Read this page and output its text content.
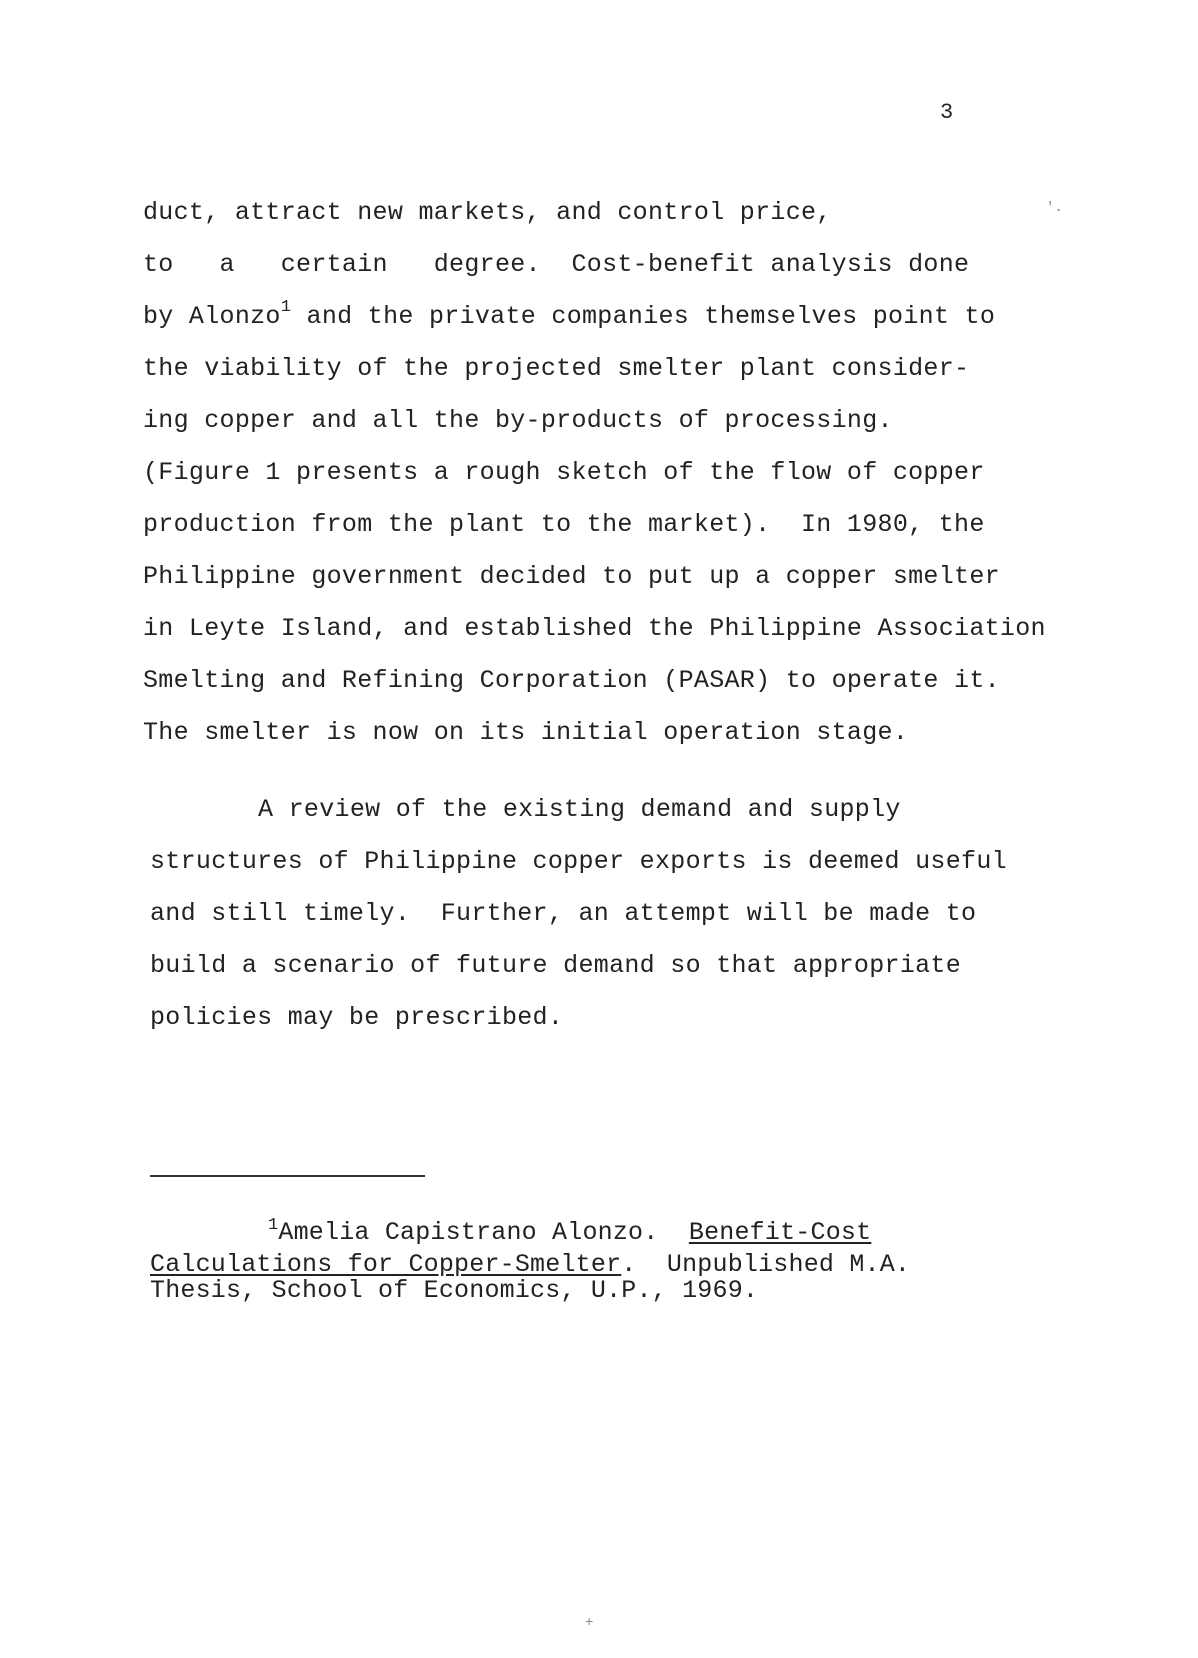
3
duct, attract new markets, and control price,
to   a   certain   degree.  Cost-benefit analysis done
by Alonzo$^1$ and the private companies themselves point to
the viability of the projected smelter plant consider-
ing copper and all the by-products of processing.
(Figure 1 presents a rough sketch of the flow of copper
production from the plant to the market).  In 1980, the
Philippine government decided to put up a copper smelter
in Leyte Island, and established the Philippine Association
Smelting and Refining Corporation (PASAR) to operate it.
The smelter is now on its initial operation stage.
A review of the existing demand and supply
structures of Philippine copper exports is deemed useful
and still timely.  Further, an attempt will be made to
build a scenario of future demand so that appropriate
policies may be prescribed.
$^1$Amelia Capistrano Alonzo.  Benefit-Cost
Calculations for Copper-Smelter.  Unpublished M.A.
Thesis, School of Economics, U.P., 1969.
'.
+
